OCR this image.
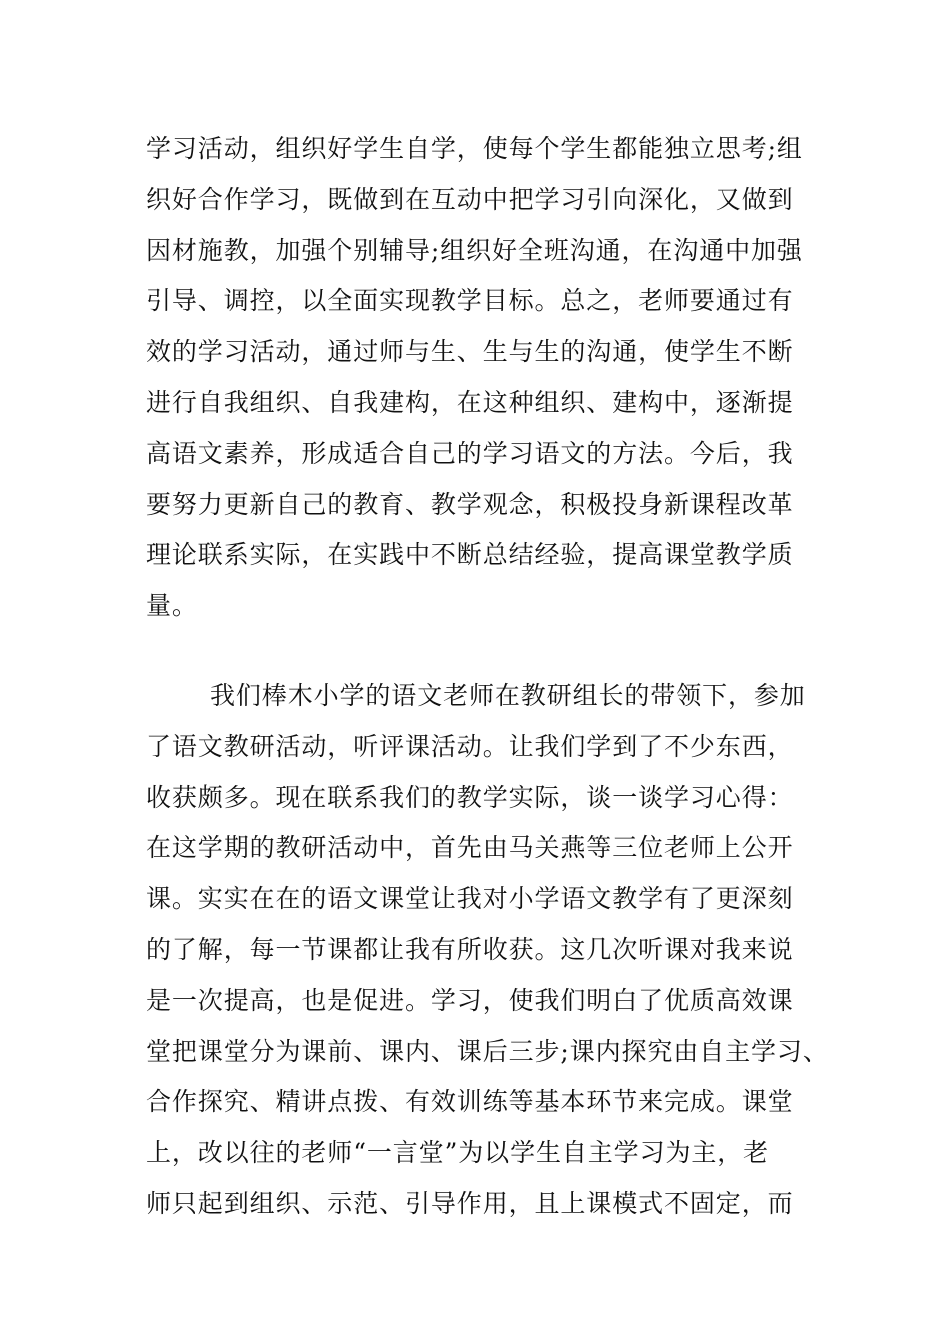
学习活动，组织好学生自学，使每个学生都能独立思考;组
织好合作学习，既做到在互动中把学习引向深化，又做到
因材施教，加强个别辅导;组织好全班沟通，在沟通中加强
引导、调控，以全面实现教学目标。总之，老师要通过有
效的学习活动，通过师与生、生与生的沟通，使学生不断
进行自我组织、自我建构，在这种组织、建构中，逐渐提
高语文素养，形成适合自己的学习语文的方法。今后，我
要努力更新自己的教育、教学观念，积极投身新课程改革
理论联系实际，在实践中不断总结经验，提高课堂教学质
量。
我们棒木小学的语文老师在教研组长的带领下，参加
了语文教研活动，听评课活动。让我们学到了不少东西，
收获颇多。现在联系我们的教学实际，谈一谈学习心得：
在这学期的教研活动中，首先由马关燕等三位老师上公开
课。实实在在的语文课堂让我对小学语文教学有了更深刻
的了解，每一节课都让我有所收获。这几次听课对我来说
是一次提高，也是促进。学习，使我们明白了优质高效课
堂把课堂分为课前、课内、课后三步;课内探究由自主学习、
合作探究、精讲点拨、有效训练等基本环节来完成。课堂
上，改以往的老师“一言堂”为以学生自主学习为主，老
师只起到组织、示范、引导作用，且上课模式不固定，而
